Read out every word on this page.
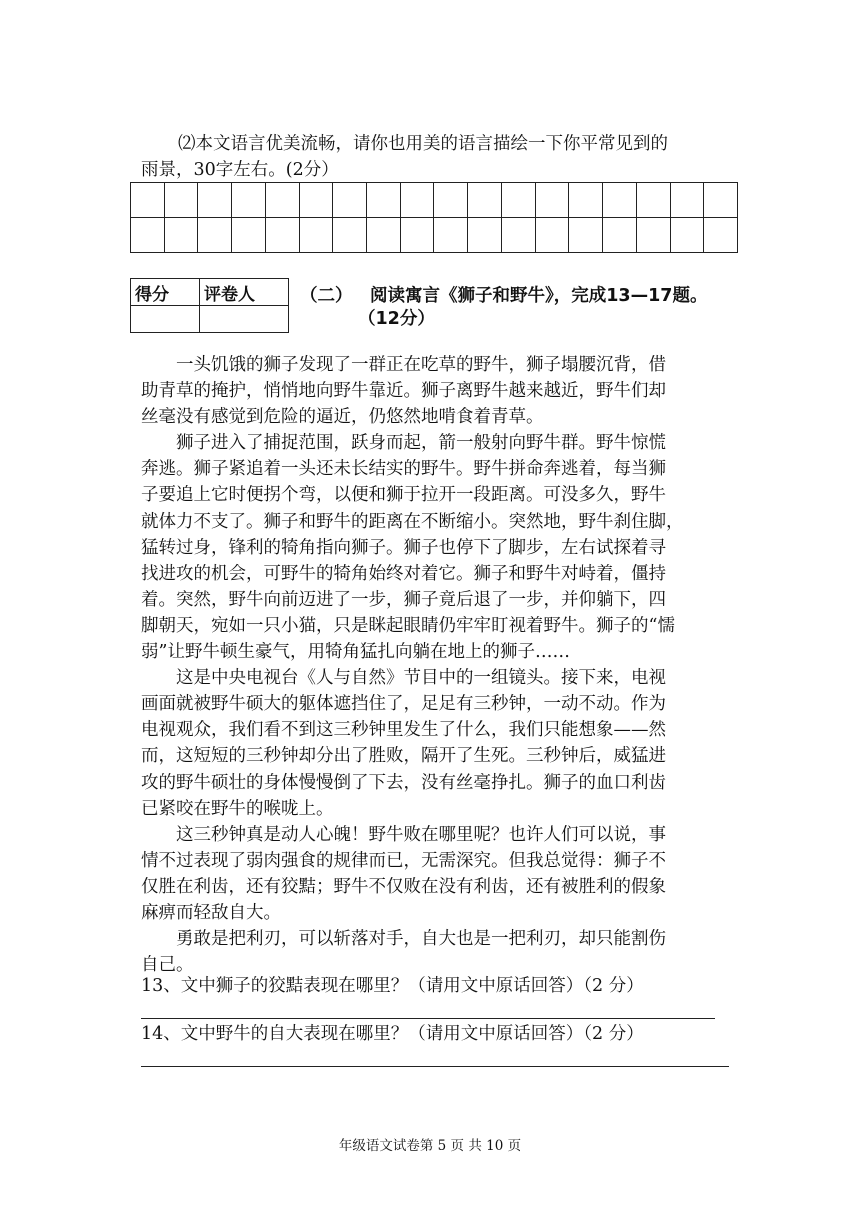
⑵本文语言优美流畅，请你也用美的语言描绘一下你平常见到的
雨景，30字左右。(2分）

得分	评卷人
		（二） 阅读寓言《狮子和野牛》，完成13—17题。
（12分）

　　一头饥饿的狮子发现了一群正在吃草的野牛，狮子塌腰沉背，借

助青草的掩护，悄悄地向野牛靠近。狮子离野牛越来越近，野牛们却

丝毫没有感觉到危险的逼近，仍悠然地啃食着青草。

　　狮子进入了捕捉范围，跃身而起，箭一般射向野牛群。野牛惊慌

奔逃。狮子紧追着一头还未长结实的野牛。野牛拼命奔逃着，每当狮

子要追上它时便拐个弯，以便和狮于拉开一段距离。可没多久，野牛

就体力不支了。狮子和野牛的距离在不断缩小。突然地，野牛刹住脚，

猛转过身，锋利的犄角指向狮子。狮子也停下了脚步，左右试探着寻

找进攻的机会，可野牛的犄角始终对着它。狮子和野牛对峙着，僵持

着。突然，野牛向前迈进了一步，狮子竟后退了一步，并仰躺下，四

脚朝天，宛如一只小猫，只是眯起眼睛仍牢牢盯视着野牛。狮子的“懦

弱”让野牛顿生豪气，用犄角猛扎向躺在地上的狮子……

　　这是中央电视台《人与自然》节目中的一组镜头。接下来，电视

画面就被野牛硕大的躯体遮挡住了，足足有三秒钟，一动不动。作为

电视观众，我们看不到这三秒钟里发生了什么，我们只能想象——然

而，这短短的三秒钟却分出了胜败，隔开了生死。三秒钟后，威猛进

攻的野牛硕壮的身体慢慢倒了下去，没有丝毫挣扎。狮子的血口利齿

已紧咬在野牛的喉咙上。

　　这三秒钟真是动人心魄！野牛败在哪里呢？也许人们可以说，事

情不过表现了弱肉强食的规律而已，无需深究。但我总觉得：狮子不

仅胜在利齿，还有狡黠；野牛不仅败在没有利齿，还有被胜利的假象

麻痹而轻敌自大。

　　勇敢是把利刃，可以斩落对手，自大也是一把利刃，却只能割伤

自己。

13、文中狮子的狡黠表现在哪里？（请用文中原话回答）（2 分）
14、文中野牛的自大表现在哪里？（请用文中原话回答）（2 分）
年级语文试卷第 5 页 共 10 页
